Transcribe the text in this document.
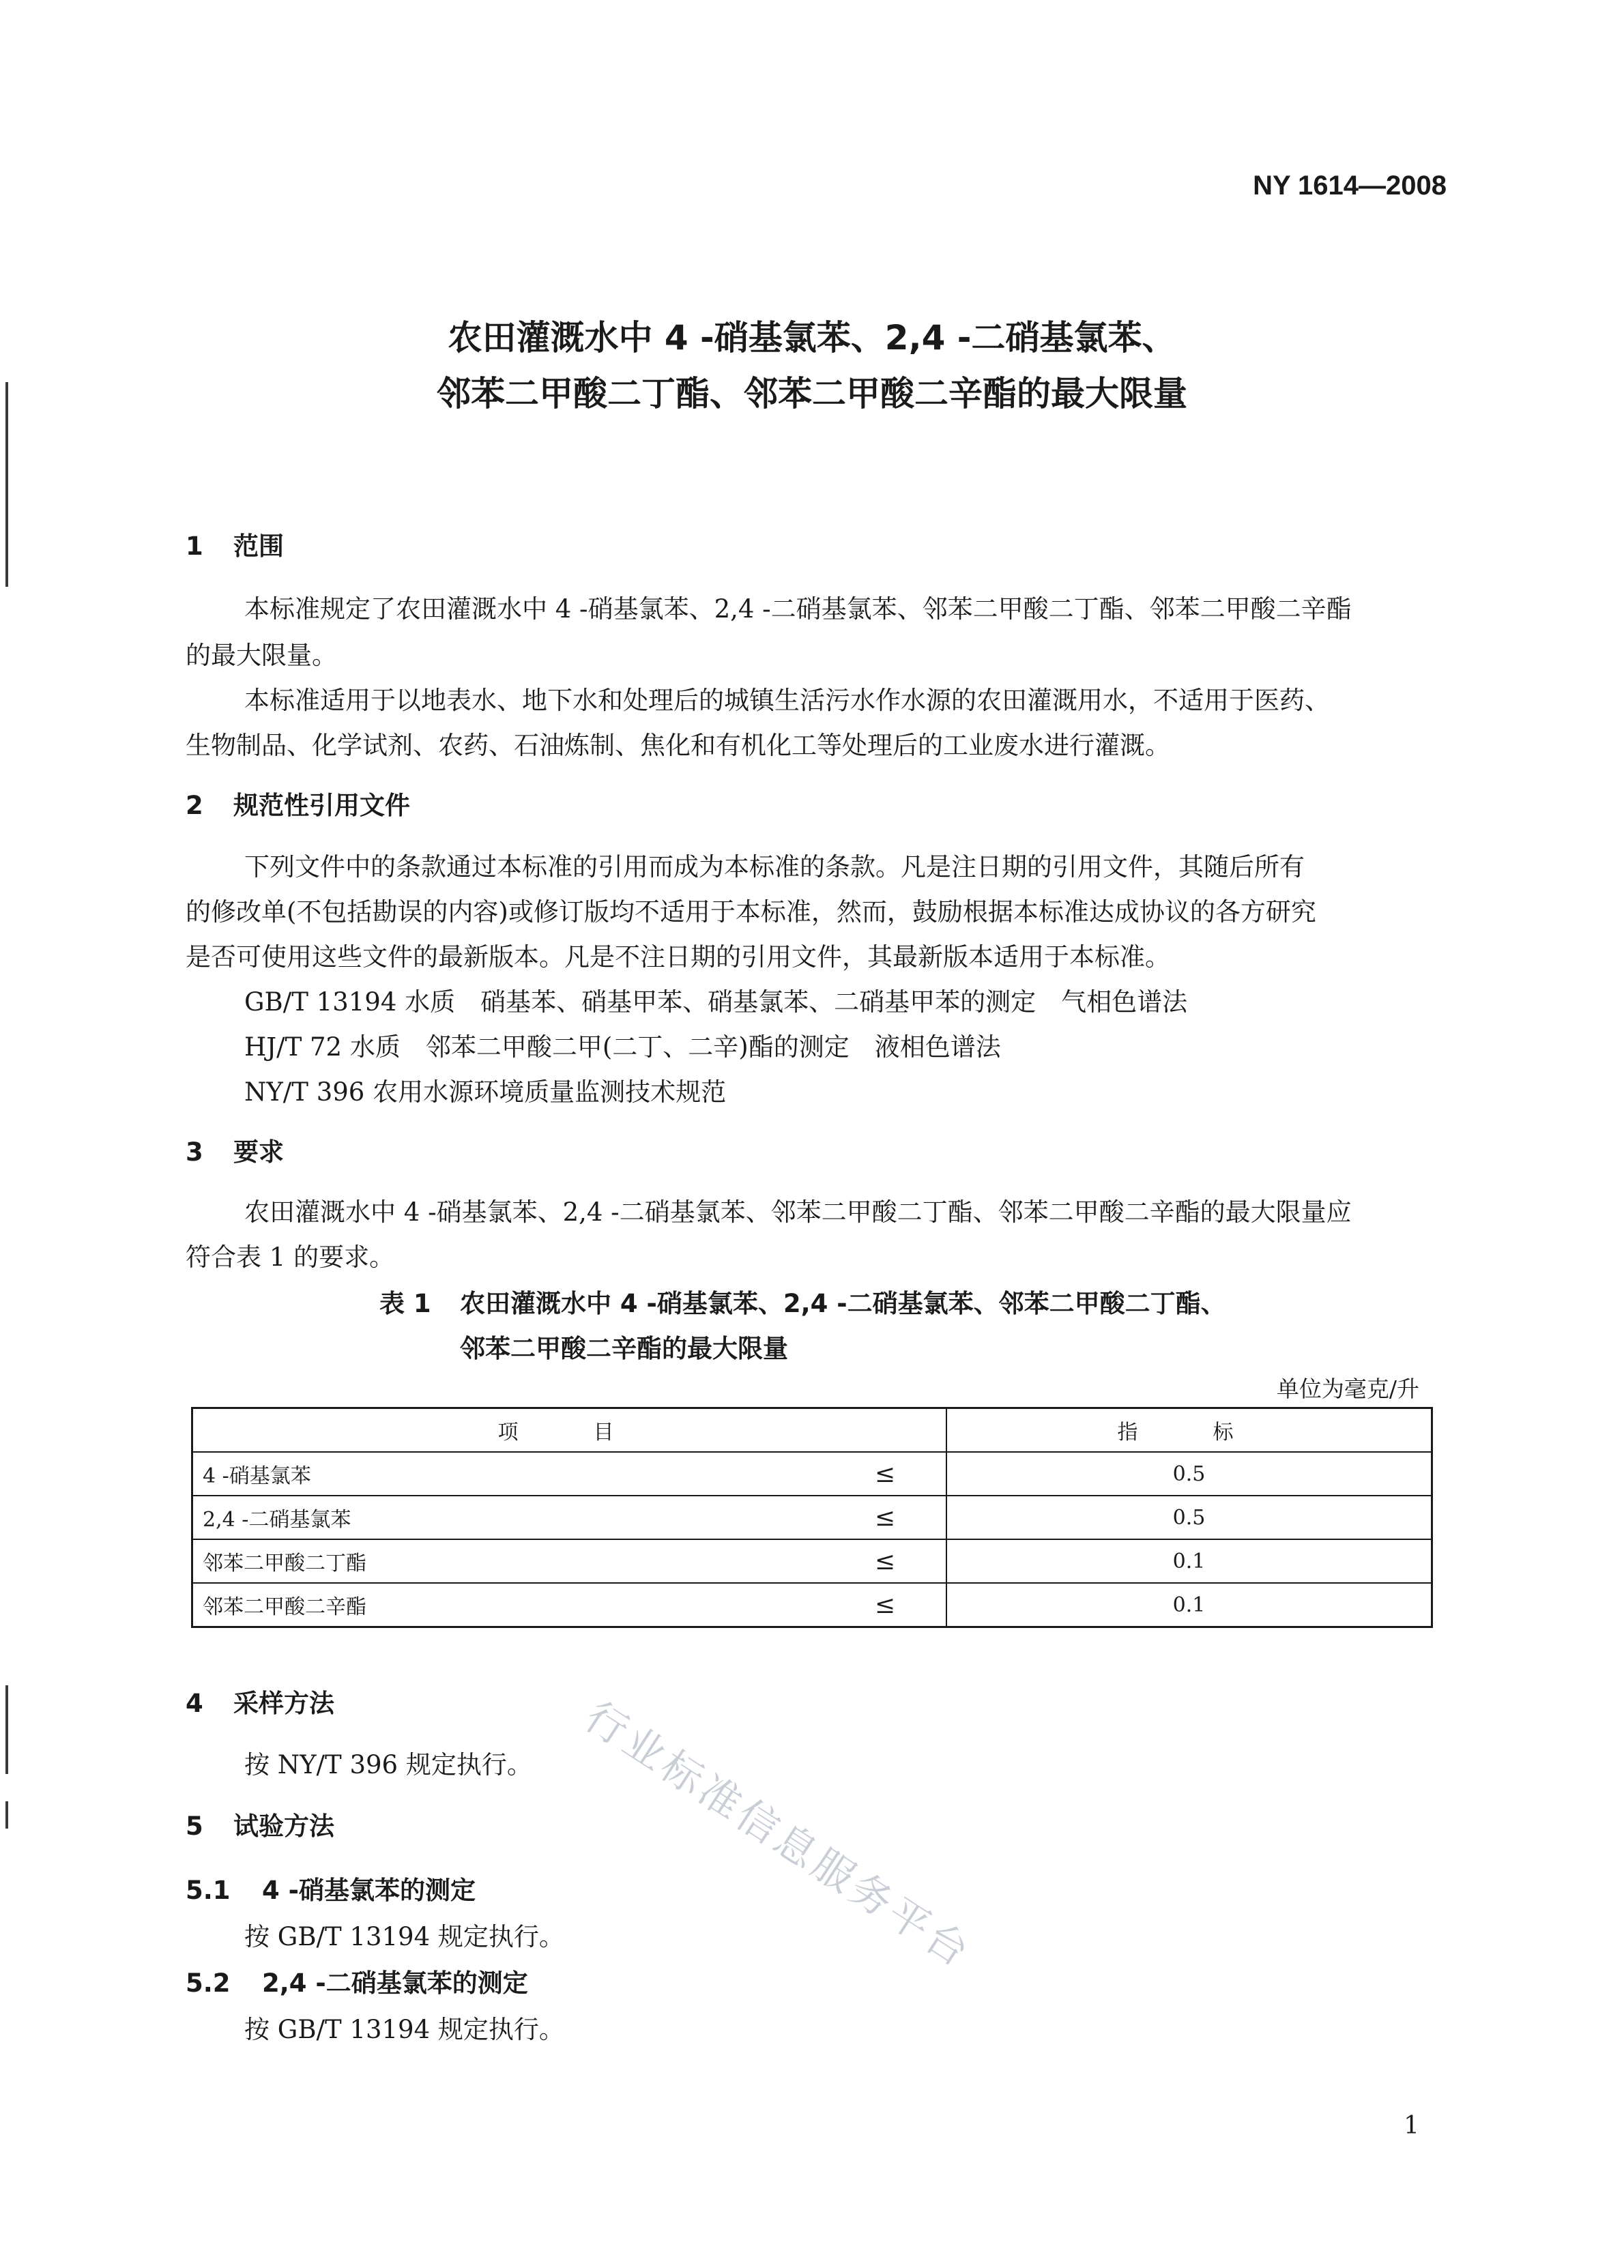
NY 1614—2008
农田灌溉水中 4 -硝基氯苯、2,4 -二硝基氯苯、
邻苯二甲酸二丁酯、邻苯二甲酸二辛酯的最大限量
1 范围
本标准规定了农田灌溉水中 4 -硝基氯苯、2,4 -二硝基氯苯、邻苯二甲酸二丁酯、邻苯二甲酸二辛酯
的最大限量。
本标准适用于以地表水、地下水和处理后的城镇生活污水作水源的农田灌溉用水，不适用于医药、
生物制品、化学试剂、农药、石油炼制、焦化和有机化工等处理后的工业废水进行灌溉。
2 规范性引用文件
下列文件中的条款通过本标准的引用而成为本标准的条款。凡是注日期的引用文件，其随后所有
的修改单(不包括勘误的内容)或修订版均不适用于本标准，然而，鼓励根据本标准达成协议的各方研究
是否可使用这些文件的最新版本。凡是不注日期的引用文件，其最新版本适用于本标准。
GB/T 13194 水质　硝基苯、硝基甲苯、硝基氯苯、二硝基甲苯的测定　气相色谱法
HJ/T 72 水质　邻苯二甲酸二甲(二丁、二辛)酯的测定　液相色谱法
NY/T 396 农用水源环境质量监测技术规范
3 要求
农田灌溉水中 4 -硝基氯苯、2,4 -二硝基氯苯、邻苯二甲酸二丁酯、邻苯二甲酸二辛酯的最大限量应
符合表 1 的要求。
表 1 农田灌溉水中 4 -硝基氯苯、2,4 -二硝基氯苯、邻苯二甲酸二丁酯、
邻苯二甲酸二辛酯的最大限量
单位为毫克/升
项　目	指　标

4 -硝基氯苯 ≤	0.5

2,4 -二硝基氯苯 ≤	0.5

邻苯二甲酸二丁酯 ≤	0.1

邻苯二甲酸二辛酯 ≤	0.1
行业标准信息服务平台
4 采样方法
按 NY/T 396 规定执行。
5 试验方法
5.1 4 -硝基氯苯的测定
按 GB/T 13194 规定执行。
5.2 2,4 -二硝基氯苯的测定
按 GB/T 13194 规定执行。
1
